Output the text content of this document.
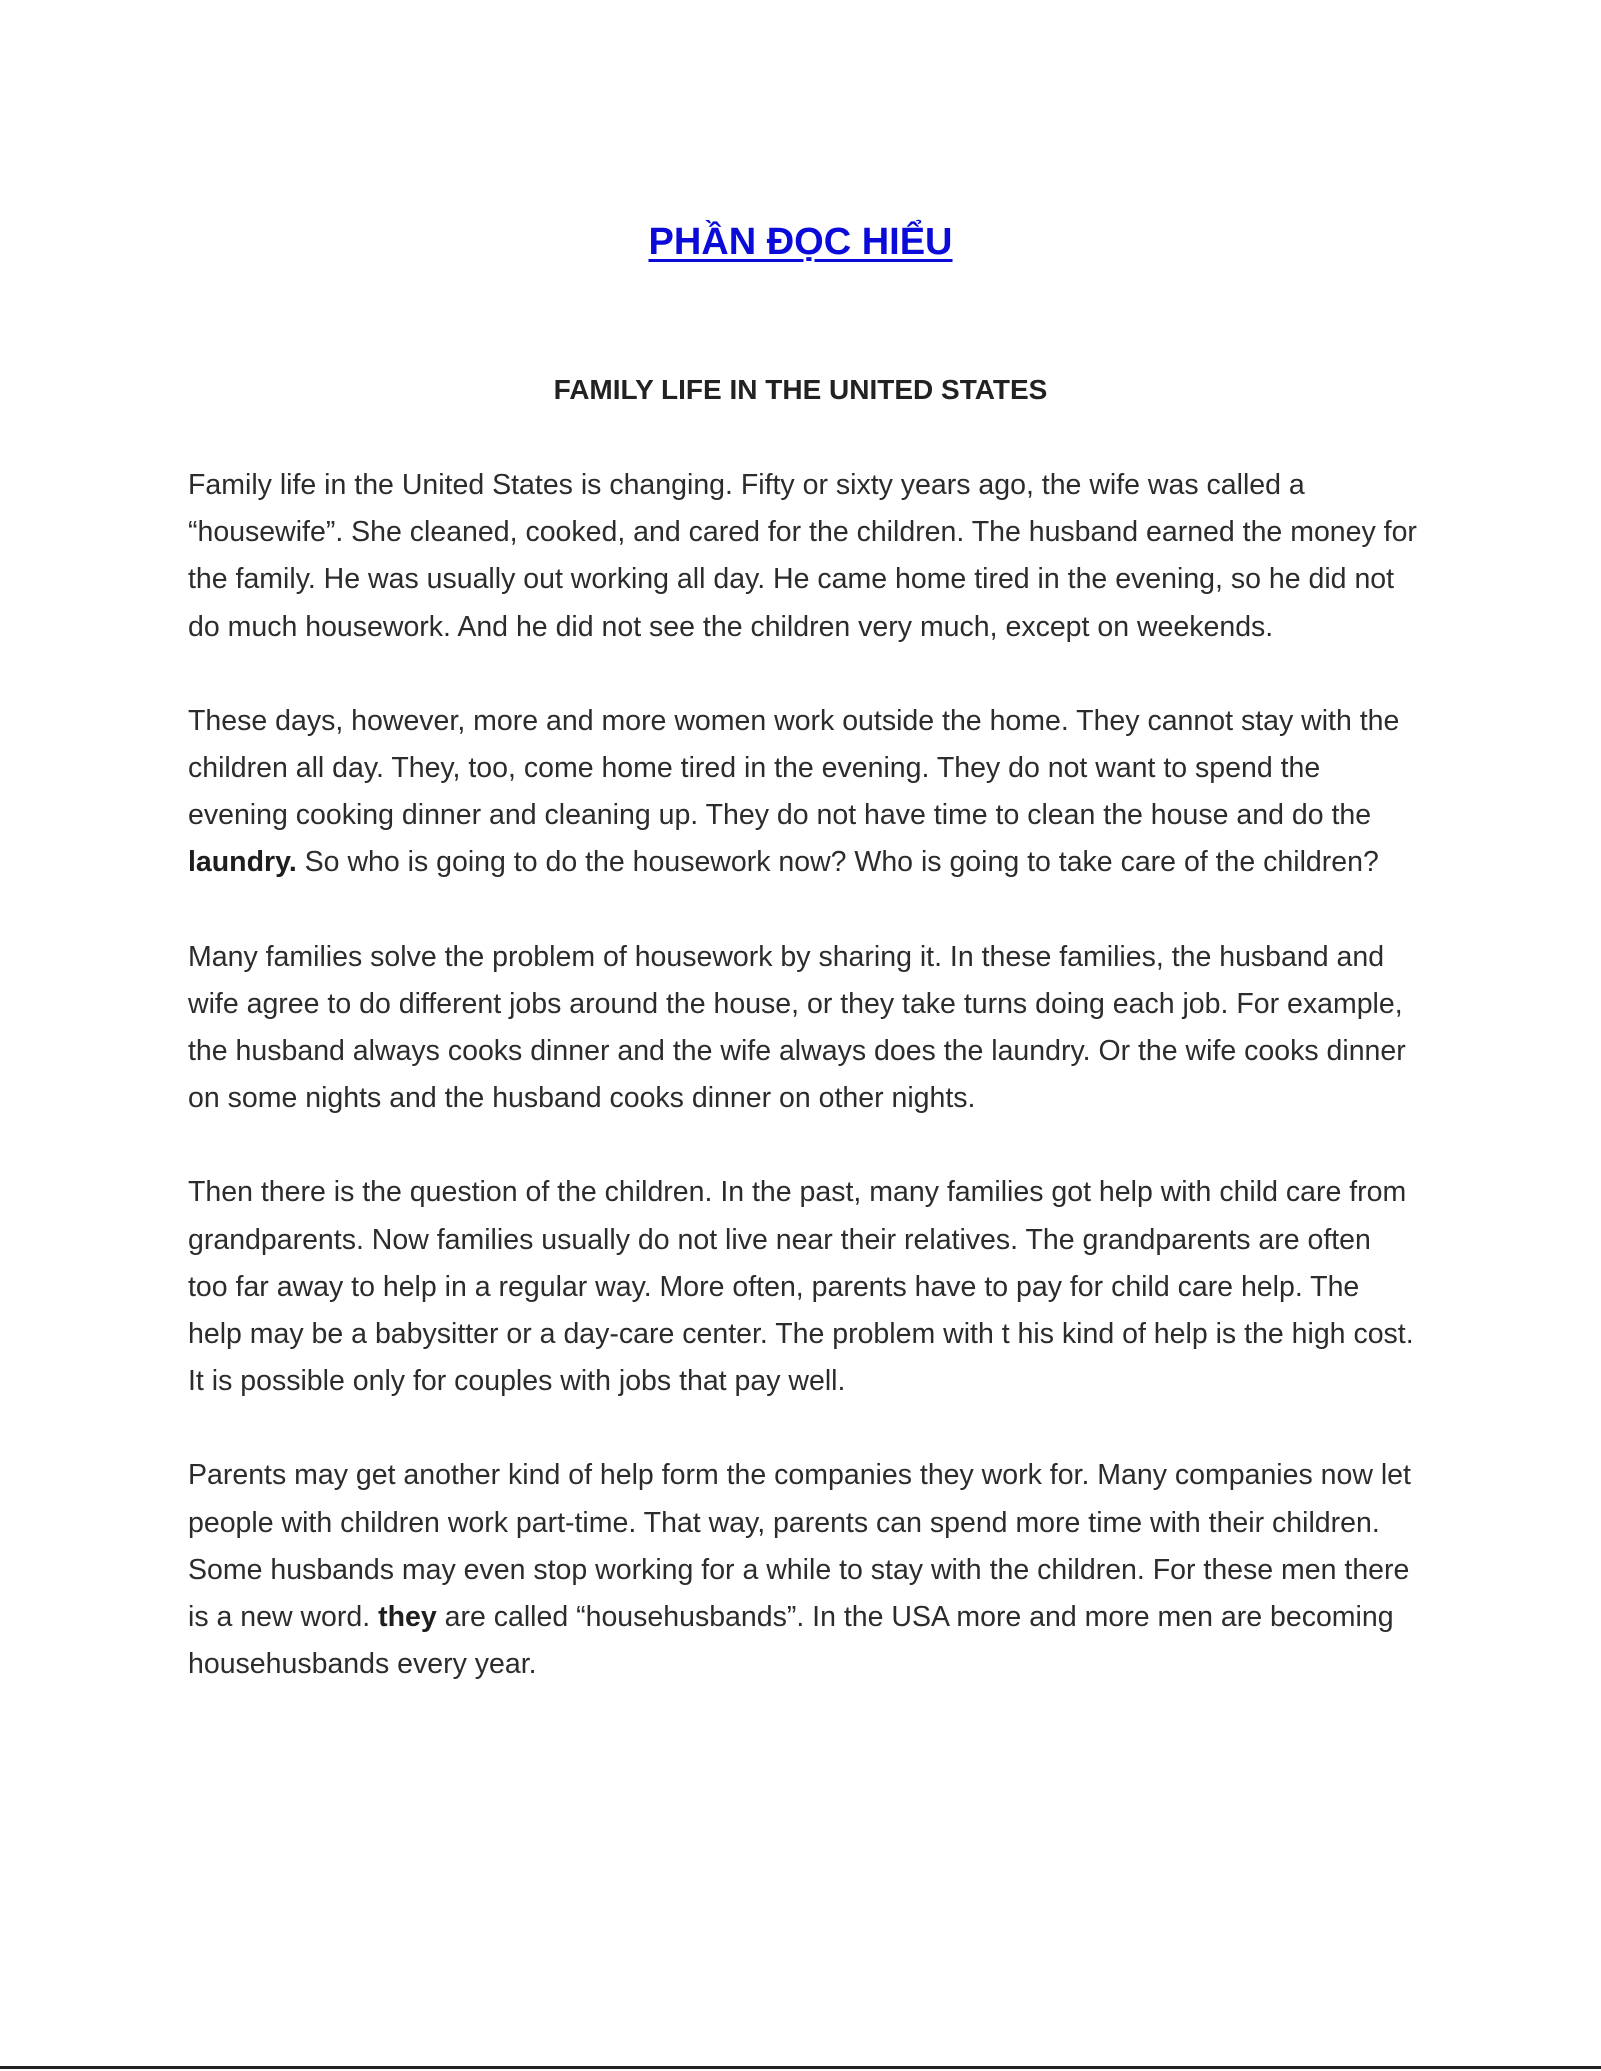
PHẦN ĐỌC HIỂU
FAMILY LIFE IN THE UNITED STATES

Family life in the United States is changing. Fifty or sixty years ago, the wife was called a “housewife”. She cleaned, cooked, and cared for the children. The husband earned the money for the family. He was usually out working all day. He came home tired in the evening, so he did not do much housework. And he did not see the children very much, except on weekends.

These days, however, more and more women work outside the home. They cannot stay with the children all day. They, too, come home tired in the evening. They do not want to spend the evening cooking dinner and cleaning up. They do not have time to clean the house and do the laundry. So who is going to do the housework now? Who is going to take care of the children?

Many families solve the problem of housework by sharing it. In these families, the husband and wife agree to do different jobs around the house, or they take turns doing each job. For example, the husband always cooks dinner and the wife always does the laundry. Or the wife cooks dinner on some nights and the husband cooks dinner on other nights.

Then there is the question of the children. In the past, many families got help with child care from grandparents. Now families usually do not live near their relatives. The grandparents are often too far away to help in a regular way. More often, parents have to pay for child care help. The help may be a babysitter or a day-care center. The problem with t his kind of help is the high cost. It is possible only for couples with jobs that pay well.

Parents may get another kind of help form the companies they work for. Many companies now let people with children work part-time. That way, parents can spend more time with their children. Some husbands may even stop working for a while to stay with the children. For these men there is a new word. they are called “househusbands”. In the USA more and more men are becoming househusbands every year.
